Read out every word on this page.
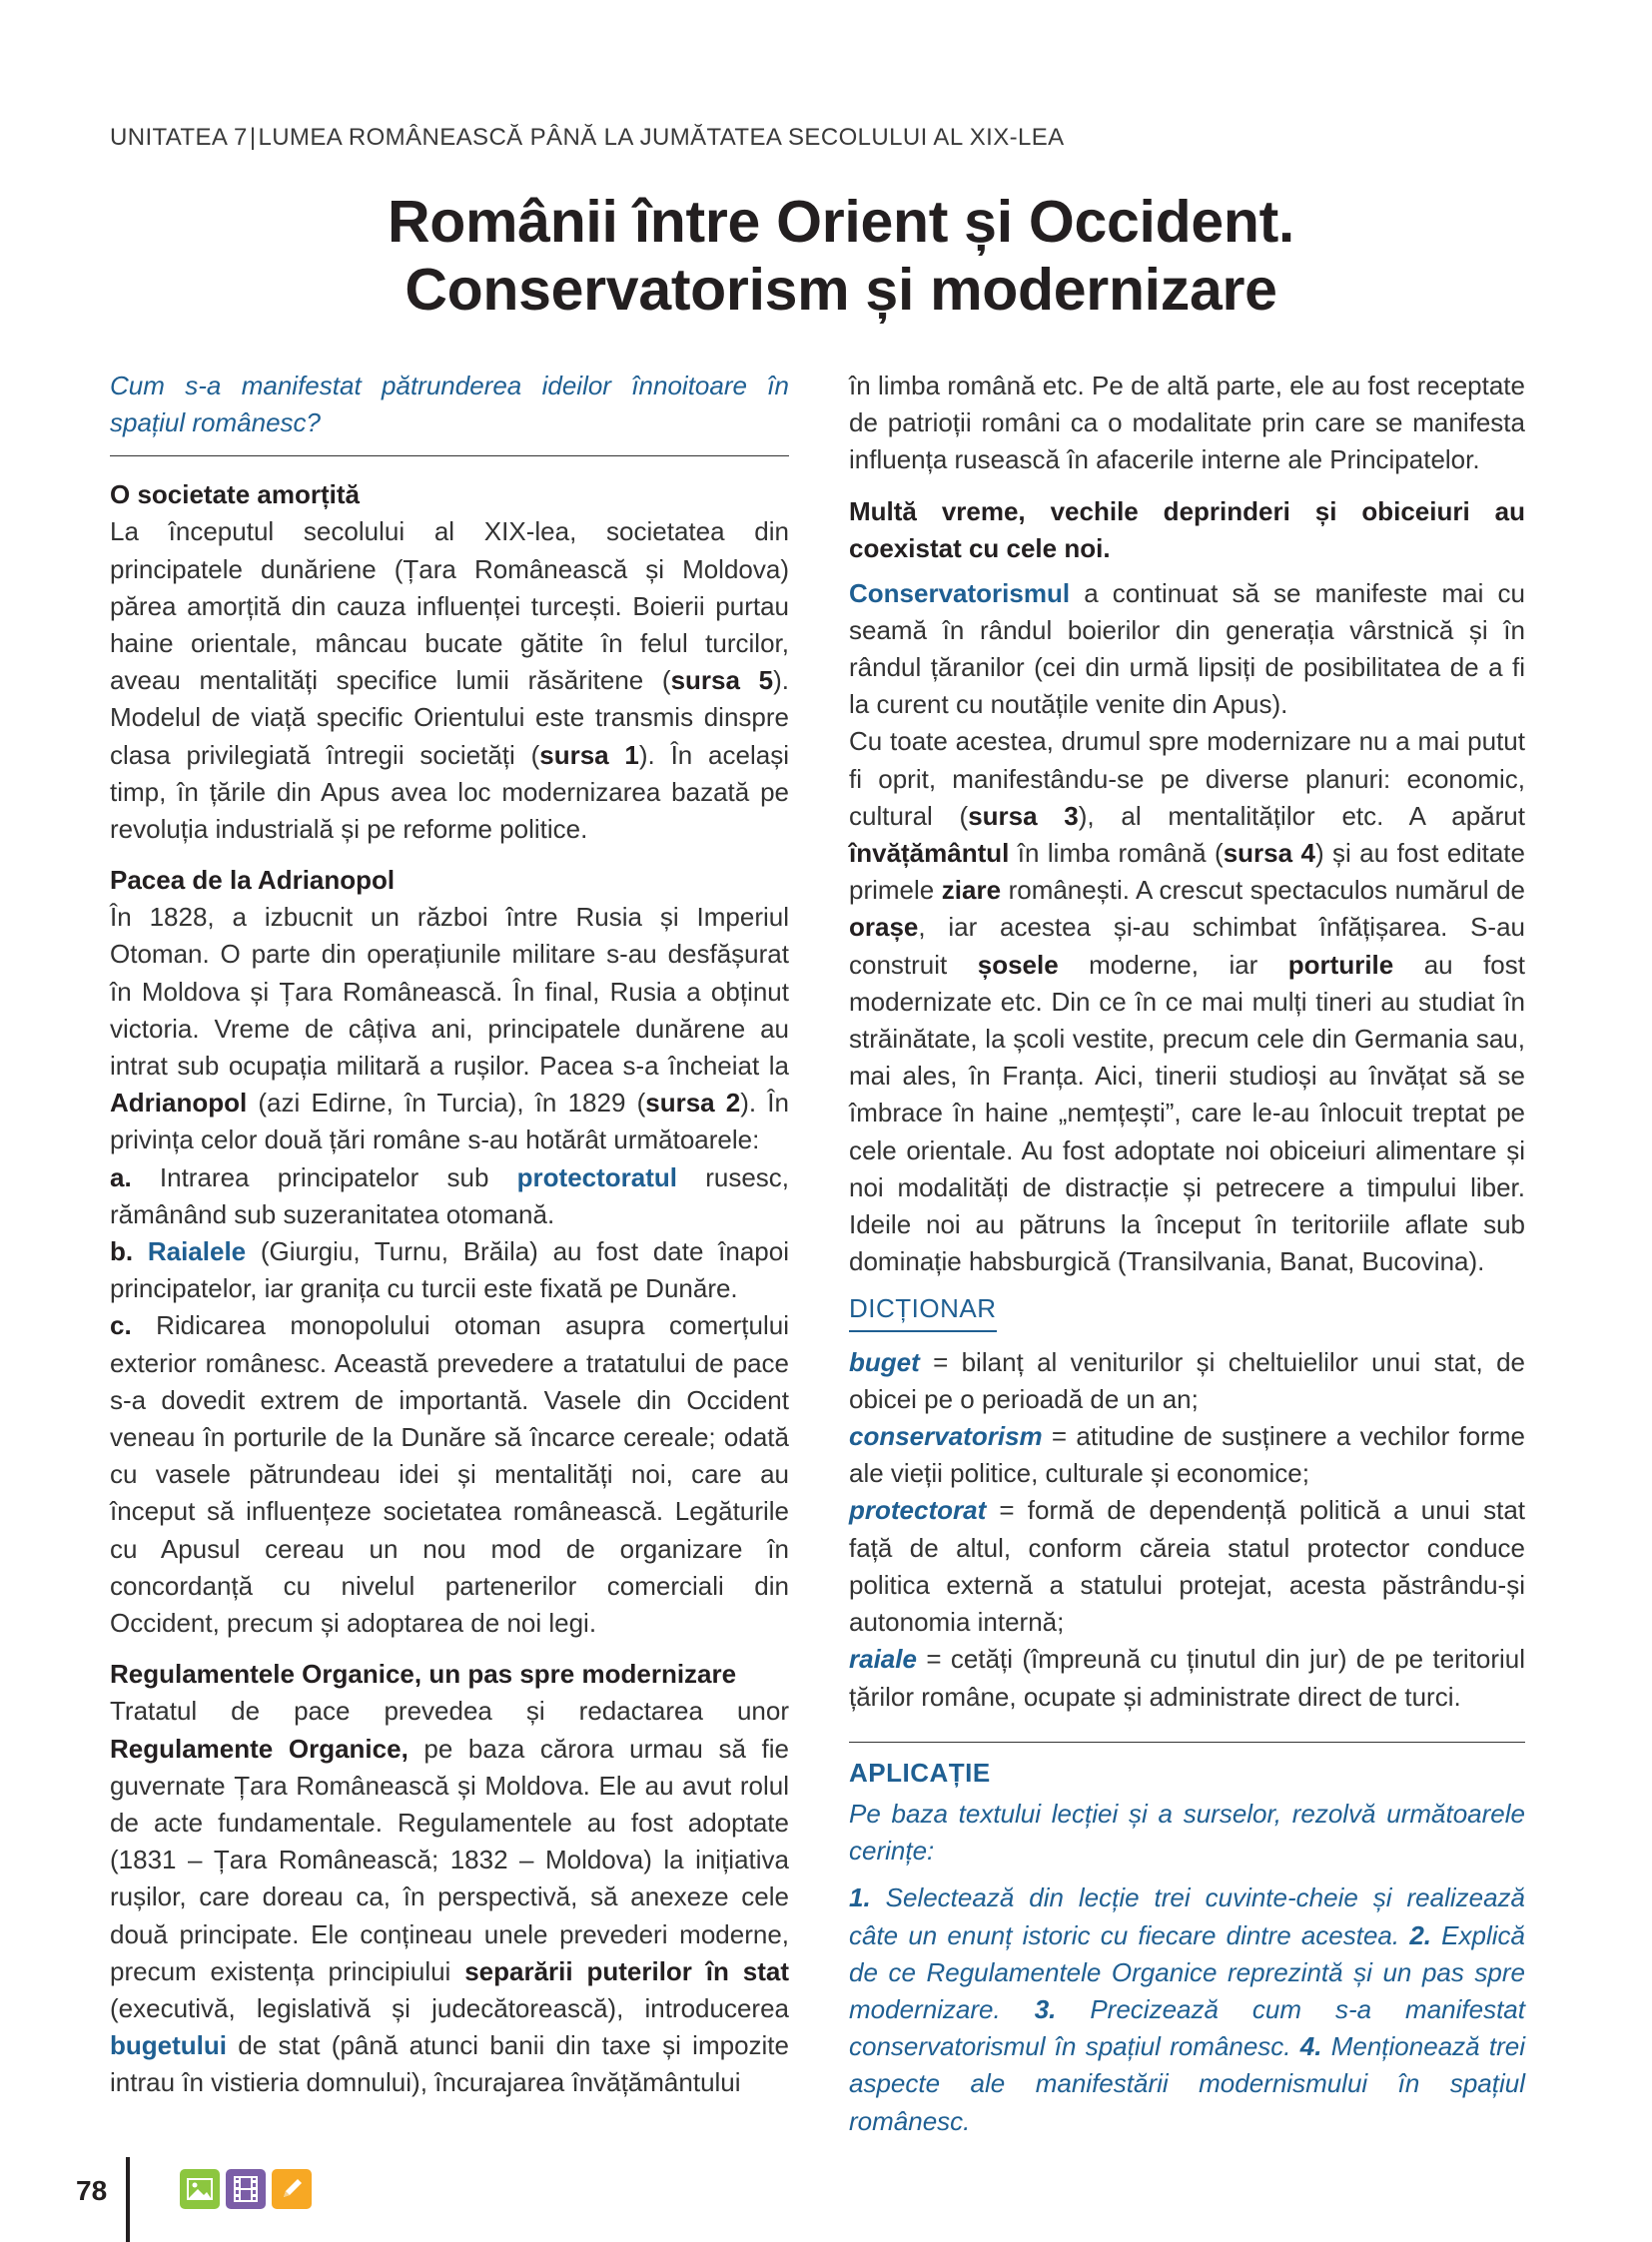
UNITATEA 7|LUMEA ROMÂNEASCĂ PÂNĂ LA JUMĂTATEA SECOLULUI AL XIX-LEA
Românii între Orient și Occident.
Conservatorism și modernizare

Cum s-a manifestat pătrunderea ideilor înnoitoare în spațiul românesc?

O societate amorțită

La începutul secolului al XIX-lea, societatea din principatele dunăriene (Țara Românească și Moldova) părea amorțită din cauza influenței turcești. Boierii purtau haine orientale, mâncau bucate gătite în felul turcilor, aveau mentalități specifice lumii răsăritene (sursa 5). Modelul de viață specific Orientului este transmis dinspre clasa privilegiată întregii societăți (sursa 1). În același timp, în țările din Apus avea loc modernizarea bazată pe revoluția industrială și pe reforme politice.

Pacea de la Adrianopol

În 1828, a izbucnit un război între Rusia și Imperiul Otoman. O parte din operațiunile militare s-au desfășurat în Moldova și Țara Românească. În final, Rusia a obținut victoria. Vreme de câțiva ani, principatele dunărene au intrat sub ocupația militară a rușilor. Pacea s-a încheiat la Adrianopol (azi Edirne, în Turcia), în 1829 (sursa 2). În privința celor două țări române s-au hotărât următoarele:

a. Intrarea principatelor sub protectoratul rusesc, rămânând sub suzeranitatea otomană.

b. Raialele (Giurgiu, Turnu, Brăila) au fost date înapoi principatelor, iar granița cu turcii este fixată pe Dunăre.

c. Ridicarea monopolului otoman asupra comerțului exterior românesc. Această prevedere a tratatului de pace s-a dovedit extrem de importantă. Vasele din Occident veneau în porturile de la Dunăre să încarce cereale; odată cu vasele pătrundeau idei și mentalități noi, care au început să influențeze societatea românească. Legăturile cu Apusul cereau un nou mod de organizare în concordanță cu nivelul partenerilor comerciali din Occident, precum și adoptarea de noi legi.

Regulamentele Organice, un pas spre modernizare

Tratatul de pace prevedea și redactarea unor Regulamente Organice, pe baza cărora urmau să fie guvernate Țara Românească și Moldova. Ele au avut rolul de acte fundamentale. Regulamentele au fost adoptate (1831 – Țara Românească; 1832 – Moldova) la inițiativa rușilor, care doreau ca, în perspectivă, să anexeze cele două principate. Ele conțineau unele prevederi moderne, precum existența principiului separării puterilor în stat (executivă, legislativă și judecătorească), introducerea bugetului de stat (până atunci banii din taxe și impozite intrau în vistieria domnului), încurajarea învățământului

în limba română etc. Pe de altă parte, ele au fost receptate de patrioții români ca o modalitate prin care se manifesta influența rusească în afacerile interne ale Principatelor.

Multă vreme, vechile deprinderi și obiceiuri au coexistat cu cele noi.

Conservatorismul a continuat să se manifeste mai cu seamă în rândul boierilor din generația vârstnică și în rândul țăranilor (cei din urmă lipsiți de posibilitatea de a fi la curent cu noutățile venite din Apus).

Cu toate acestea, drumul spre modernizare nu a mai putut fi oprit, manifestându-se pe diverse planuri: economic, cultural (sursa 3), al mentalităților etc. A apărut învățământul în limba română (sursa 4) și au fost editate primele ziare românești. A crescut spectaculos numărul de orașe, iar acestea și-au schimbat înfățișarea. S-au construit șosele moderne, iar porturile au fost modernizate etc. Din ce în ce mai mulți tineri au studiat în străinătate, la școli vestite, precum cele din Germania sau, mai ales, în Franța. Aici, tinerii studioși au învățat să se îmbrace în haine „nemțești”, care le-au înlocuit treptat pe cele orientale. Au fost adoptate noi obiceiuri alimentare și noi modalități de distracție și petrecere a timpului liber. Ideile noi au pătruns la început în teritoriile aflate sub dominație habsburgică (Transilvania, Banat, Bucovina).

DICȚIONAR

buget = bilanț al veniturilor și cheltuielilor unui stat, de obicei pe o perioadă de un an;

conservatorism = atitudine de susținere a vechilor forme ale vieții politice, culturale și economice;

protectorat = formă de dependență politică a unui stat față de altul, conform căreia statul protector conduce politica externă a statului protejat, acesta păstrându-și autonomia internă;

raiale = cetăți (împreună cu ținutul din jur) de pe teritoriul țărilor române, ocupate și administrate direct de turci.

APLICAȚIE

Pe baza textului lecției și a surselor, rezolvă următoarele cerințe:

1. Selectează din lecție trei cuvinte-cheie și realizează câte un enunț istoric cu fiecare dintre acestea. 2. Explică de ce Regulamentele Organice reprezintă și un pas spre modernizare. 3. Precizează cum s-a manifestat conservatorismul în spațiul românesc. 4. Menționează trei aspecte ale manifestării modernismului în spațiul românesc.

78
